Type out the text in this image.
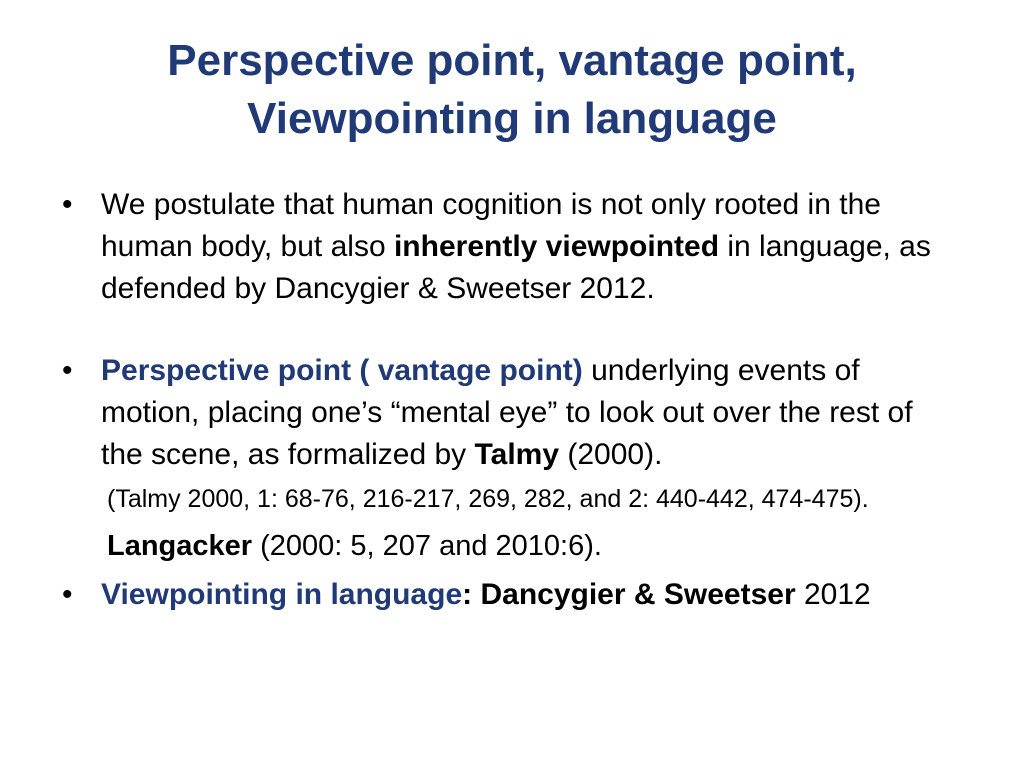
Perspective point, vantage point,
Viewpointing in language
• We postulate that human cognition is not only rooted in the human body, but also inherently viewpointed in language, as defended by Dancygier & Sweetser 2012.
• Perspective point ( vantage point) underlying events of motion, placing one’s “mental eye” to look out over the rest of the scene, as formalized by Talmy (2000).
(Talmy 2000, 1: 68-76, 216-217, 269, 282, and 2: 440-442, 474-475).
Langacker (2000: 5, 207 and 2010:6).
• Viewpointing in language: Dancygier & Sweetser 2012
